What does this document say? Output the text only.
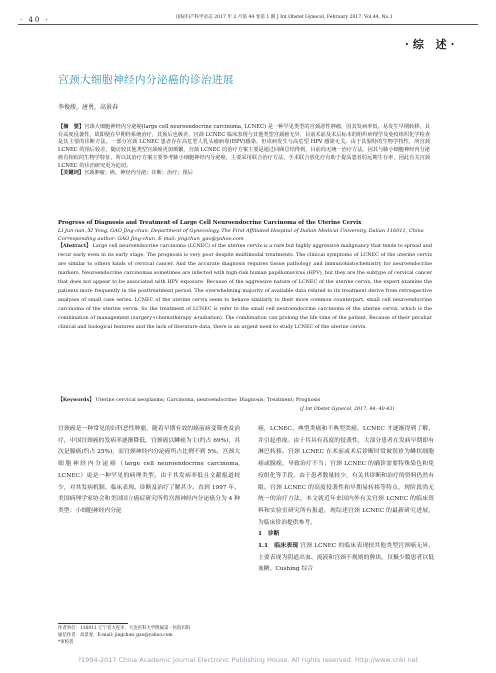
· 40 ·	国际妇产科学杂志 2017 年 2 月第 44 卷第 1 期 J Int Obstet Gynecol, February 2017, Vol.44, No.1
·综 述·
宫颈大细胞神经内分泌癌的诊治进展
李俊竣，唐勇，高景春
【摘　要】宫颈大细胞神经内分泌癌(large cell neuroendocrine carcinoma, LCNEC) 是一种罕见类型的宫颈恶性肿瘤，因其发病率低、易发生早期转移，具有高度侵袭性，故即使在早期经系统治疗，其预后也极差。宫颈 LCNEC 临床表现与其他类型宫颈癌无异，目前术前及术后标本的组织病理学及免疫组织化学检查是其主要的诊断方法。一部分宫颈 LCNEC 患者存在高危型人乳头瘤病毒(HPV)感染，但该病发生与高危型 HPV 感染无关。由于其独特的生物学特性，所宫颈 LCNEC 的预后较差，随访较其他类型宫颈癌更加频繁。宫颈 LCNEC 的治疗方案主要是通过回顾总结得到，目前尚无统一治疗方法。因其与肺小细胞神经内分泌癌有相似的生物学特征，所以其治疗方案主要参考肺小细胞神经内分泌癌，主要采用联合治疗方法，手术联合放化疗有助于提高患者的远期生存率，因此有关宫颈 LCNEC 的诊治研究更为迫切。
【关键词】宫颈肿瘤；癌，神经内分泌；诊断；治疗；预后
Progress of Diagnosis and Treatment of Large Cell Neuroendocrine Carcinoma of the Uterine Cervix
LI Jun-nan, XI Yong, GAO Jing-chun. Department of Gynecology, The First Affiliated Hospital of Dalian Medical University, Dalian 116011, China Corresponding author: GAO Jing-chun, E-mail: jingchun_gao@yahoo.com
【Abstract】 Large cell neuroendocrine carcinoma (LCNEC) of the uterine cervix is a rare but highly aggressive malignancy that tends to spread and recur early even in its early stage. The prognosis is very poor despite multimodal treatments. The clinical symptoms of LCNEC of the uterine cervix are similar to others kinds of cervical cancer. And the accurate diagnosis requires tissue pathology and immunohistochemistry for neuroendocrine markers. Neuroendocrine carcinomas sometimes are infected with high-risk human papillomavirus (HPV), but they are the subtype of cervical cancer that does not appear to be associated with HPV exposure. Because of the aggressive nature of LCNEC of the uterine cervix, the expert examine the patients more frequently in the posttreatment period. The overwhelming majority of available data related to its treatment derive from retrospective analyses of small case series. LCNEC of the uterine cervix seem to behave similarly to their more common counterpart, small cell neuroendocrine carcinoma of the uterine cervix. So the treatment of LCNEC is refer to the small cell neuroendocrine carcinoma of the uterine cervix, which is the combination of management (surgery+chemotherapy ±radiation). The combination can prolong the life time of the patient. Because of their peculiar clinical and biological features and the lack of literature data, there is an urgent need to study LCNEC of the uterine cervix.
【Keywords】 Uterine cervical neoplasms; Carcinoma, neuroendocrine; Diagnosis; Treatment; Prognosis
(J Int Obstet Gynecol, 2017, 44: 40-43)
宫颈癌是一种常见的妇科恶性肿瘤，随着早期有效的癌前病变筛查及治疗，中国宫颈癌的发病率逐渐降低，宫颈癌以鳞癌为主(约占 69%)，其次是腺癌(约占 25%)，而宫颈神经内分泌癌所占比例不到 5%，宫颈大细胞神经内分泌癌（large cell neuroendocrine carcinoma, LCNEC）更是一种罕见的病理类型。由于其发病率低且文献报道较少，对其发病机制、临床表现、诊断及治疗了解甚少。直到 1997 年，美国病理学家协会和美国国立癌症研究所将宫颈神经内分泌癌分为 4 种类型：小细胞神经内分泌
癌，LCNEC、典型类癌和不典型类癌，LCNEC 才逐渐得到了解，并引起重视。由于其具有高度的侵袭性，大部分患者在发病早期即有淋巴转移。宫颈 LCNEC 在术前或术后诊断时常被误诊为鳞状细胞癌或腺癌，导致治疗不当；宫颈 LCNEC 的确诊需要特殊染色和免疫组化等手段，由于患者数量较少，有关其诊断和治疗的资料仍然有限。宫颈 LCNEC 的高度侵袭性和早期易转移等特点，现阶段尚无统一的治疗方法，本文就近年来国内外有关宫颈 LCNEC 的临床资料和实验室研究所有报道，现综述宫颈 LCNEC 的最新研究进展，为临床诊治提供参考。
1　诊断
1.1　临床表现 宫颈 LCNEC 的临床表现较其他类型宫颈癌无异，主要表现为阴道出血、流液和宫颈不规则的肿块。仅极少数患者以低血糖、Cushing 综合
作者单位：116011 辽宁省大连市，大连医科大学附属第一医院妇科
通信作者：高景春，E-mail: jingchun_gao@yahoo.com
*审校者
?1994-2017 China Academic Journal Electronic Publishing House. All rights reserved. http://www.cnki.net
